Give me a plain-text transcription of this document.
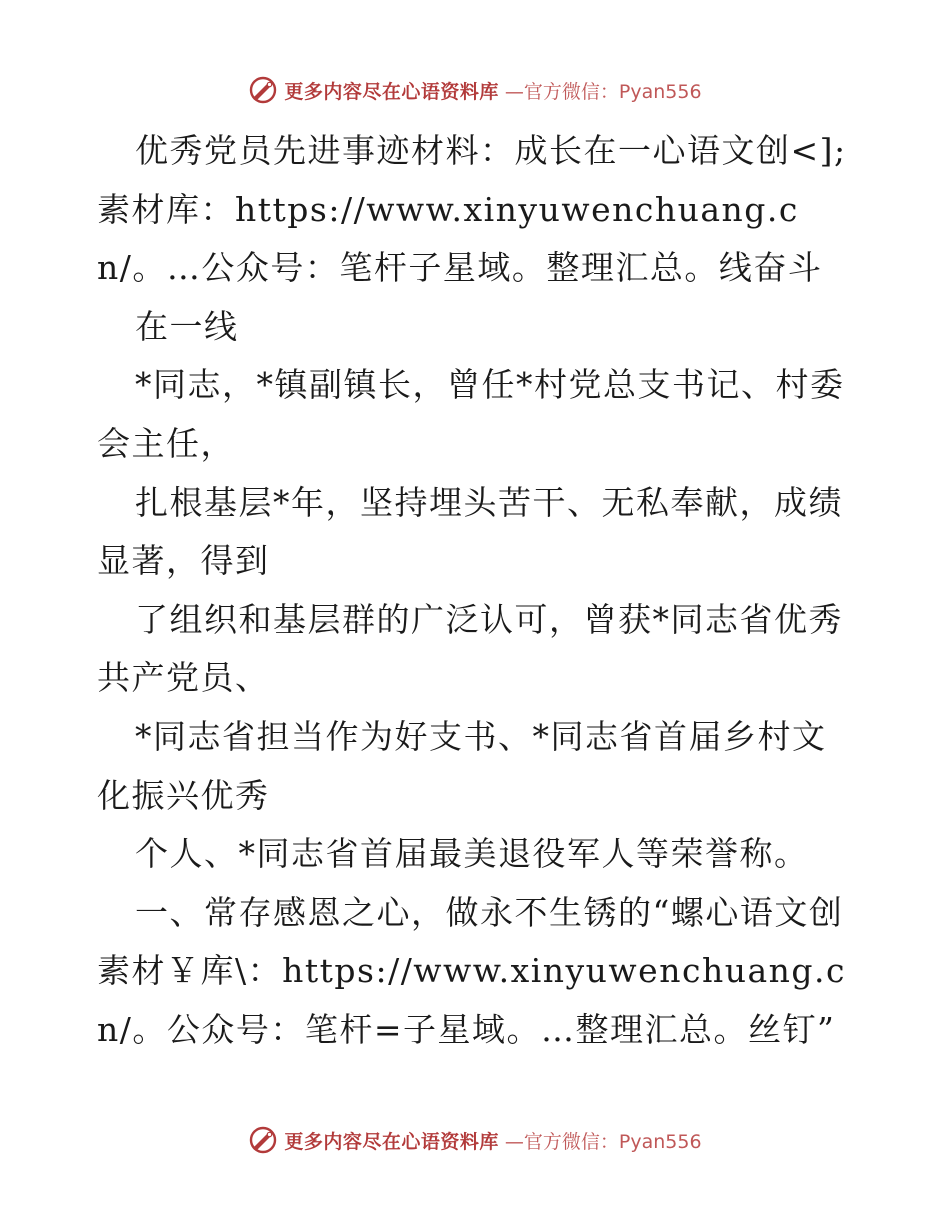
更多内容尽在心语资料库 —官方微信：Pyan556

优秀党员先进事迹材料：成长在一心语文创<];素材库：https://www.xinyuwenchuang.cn/。…公众号：笔杆子星域。整理汇总。线奋斗

在一线

*同志，*镇副镇长，曾任*村党总支书记、村委会主任，

扎根基层*年，坚持埋头苦干、无私奉献，成绩显著，得到

了组织和基层群的广泛认可，曾获*同志省优秀共产党员、

*同志省担当作为好支书、*同志省首届乡村文化振兴优秀

个人、*同志省首届最美退役军人等荣誉称。

一、常存感恩之心，做永不生锈的“螺心语文创素材￥库\：https://www.xinyuwenchuang.cn/。公众号：笔杆=子星域。…整理汇总。丝钉”

更多内容尽在心语资料库 —官方微信：Pyan556
